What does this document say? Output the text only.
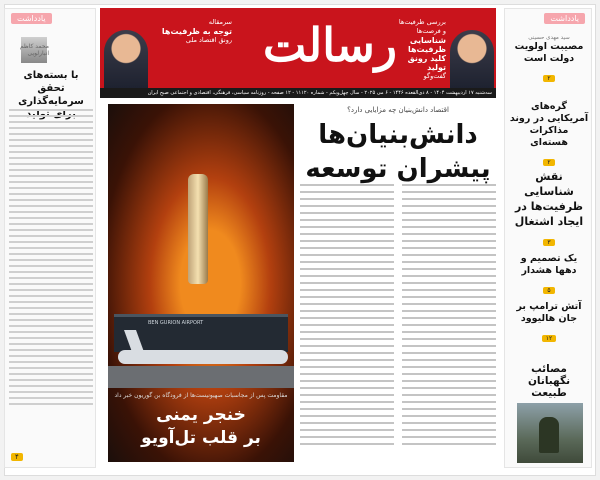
سرمقاله
توجه به ظرفیت‌ها
رونق اقتصاد ملی رسالت بررسی ظرفیت‌ها و فرصت‌ها
شناسایی ظرفیت‌ها کلید رونق تولید
گفت‌وگو
سه‌شنبه ۱۷ اردیبهشت ۱۴۰۴ - ۸ ذی‌القعده ۱۴۴۶ - ۶ می ۲۰۲۵ - سال چهل‌ویکم - شماره ۱۱۱۲۰ - ۱۲ صفحه - روزنامه سیاسی، فرهنگی، اقتصادی و اجتماعی صبح ایران
یادداشت
محمد کاظم انبارلویی
با بسته‌های تحقق سرمایه‌گذاری
۴
BEN GURION AIRPORT
مقاومت پس از مجاسبات صهیونیست‌ها از فرودگاه بن گوریون خبر داد
خنجر یمنی
بر قلب تل‌آویو
اقتصاد دانش‌بنیان چه مزایایی دارد؟
دانش‌بنیان‌ها
پیشران توسعه
یادداشت
سید مهدی حسینی
مصیبت اولویت دولت است
۲
گره‌های آمریکایی در روند مذاکرات هسته‌ای
۲
نقش شناسایی ظرفیت‌ها در ایجاد اشتغال
۳
یک تصمیم و دهها هشدار
۵
آتش ترامپ بر جان هالیوود
۱۲
مصائب نگهبانان طبیعت
